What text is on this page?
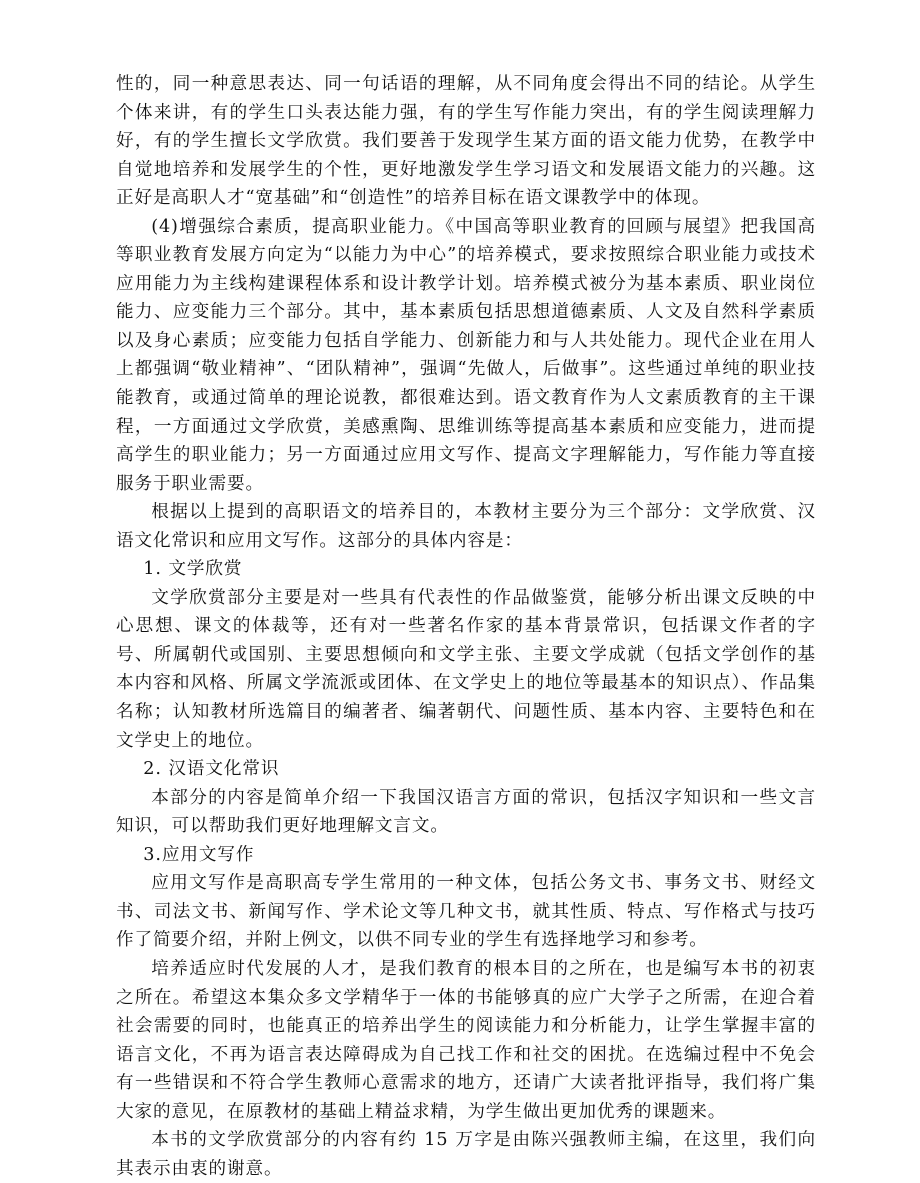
性的，同一种意思表达、同一句话语的理解，从不同角度会得出不同的结论。从学生个体来讲，有的学生口头表达能力强，有的学生写作能力突出，有的学生阅读理解力好，有的学生擅长文学欣赏。我们要善于发现学生某方面的语文能力优势，在教学中自觉地培养和发展学生的个性，更好地激发学生学习语文和发展语文能力的兴趣。这正好是高职人才“宽基础”和“创造性”的培养目标在语文课教学中的体现。

(4)增强综合素质，提高职业能力。《中国高等职业教育的回顾与展望》把我国高等职业教育发展方向定为“以能力为中心”的培养模式，要求按照综合职业能力或技术应用能力为主线构建课程体系和设计教学计划。培养模式被分为基本素质、职业岗位能力、应变能力三个部分。其中，基本素质包括思想道德素质、人文及自然科学素质以及身心素质；应变能力包括自学能力、创新能力和与人共处能力。现代企业在用人上都强调“敬业精神”、“团队精神”，强调“先做人，后做事”。这些通过单纯的职业技能教育，或通过简单的理论说教，都很难达到。语文教育作为人文素质教育的主干课程，一方面通过文学欣赏，美感熏陶、思维训练等提高基本素质和应变能力，进而提高学生的职业能力；另一方面通过应用文写作、提高文字理解能力，写作能力等直接服务于职业需要。

根据以上提到的高职语文的培养目的，本教材主要分为三个部分：文学欣赏、汉语文化常识和应用文写作。这部分的具体内容是：

1. 文学欣赏

文学欣赏部分主要是对一些具有代表性的作品做鉴赏，能够分析出课文反映的中心思想、课文的体裁等，还有对一些著名作家的基本背景常识，包括课文作者的字号、所属朝代或国别、主要思想倾向和文学主张、主要文学成就（包括文学创作的基本内容和风格、所属文学流派或团体、在文学史上的地位等最基本的知识点）、作品集名称；认知教材所选篇目的编著者、编著朝代、问题性质、基本内容、主要特色和在文学史上的地位。

2. 汉语文化常识

本部分的内容是简单介绍一下我国汉语言方面的常识，包括汉字知识和一些文言知识，可以帮助我们更好地理解文言文。

3.应用文写作

应用文写作是高职高专学生常用的一种文体，包括公务文书、事务文书、财经文书、司法文书、新闻写作、学术论文等几种文书，就其性质、特点、写作格式与技巧作了简要介绍，并附上例文，以供不同专业的学生有选择地学习和参考。

培养适应时代发展的人才，是我们教育的根本目的之所在，也是编写本书的初衷之所在。希望这本集众多文学精华于一体的书能够真的应广大学子之所需，在迎合着社会需要的同时，也能真正的培养出学生的阅读能力和分析能力，让学生掌握丰富的语言文化，不再为语言表达障碍成为自己找工作和社交的困扰。在选编过程中不免会有一些错误和不符合学生教师心意需求的地方，还请广大读者批评指导，我们将广集大家的意见，在原教材的基础上精益求精，为学生做出更加优秀的课题来。

本书的文学欣赏部分的内容有约 15 万字是由陈兴强教师主编，在这里，我们向其表示由衷的谢意。
